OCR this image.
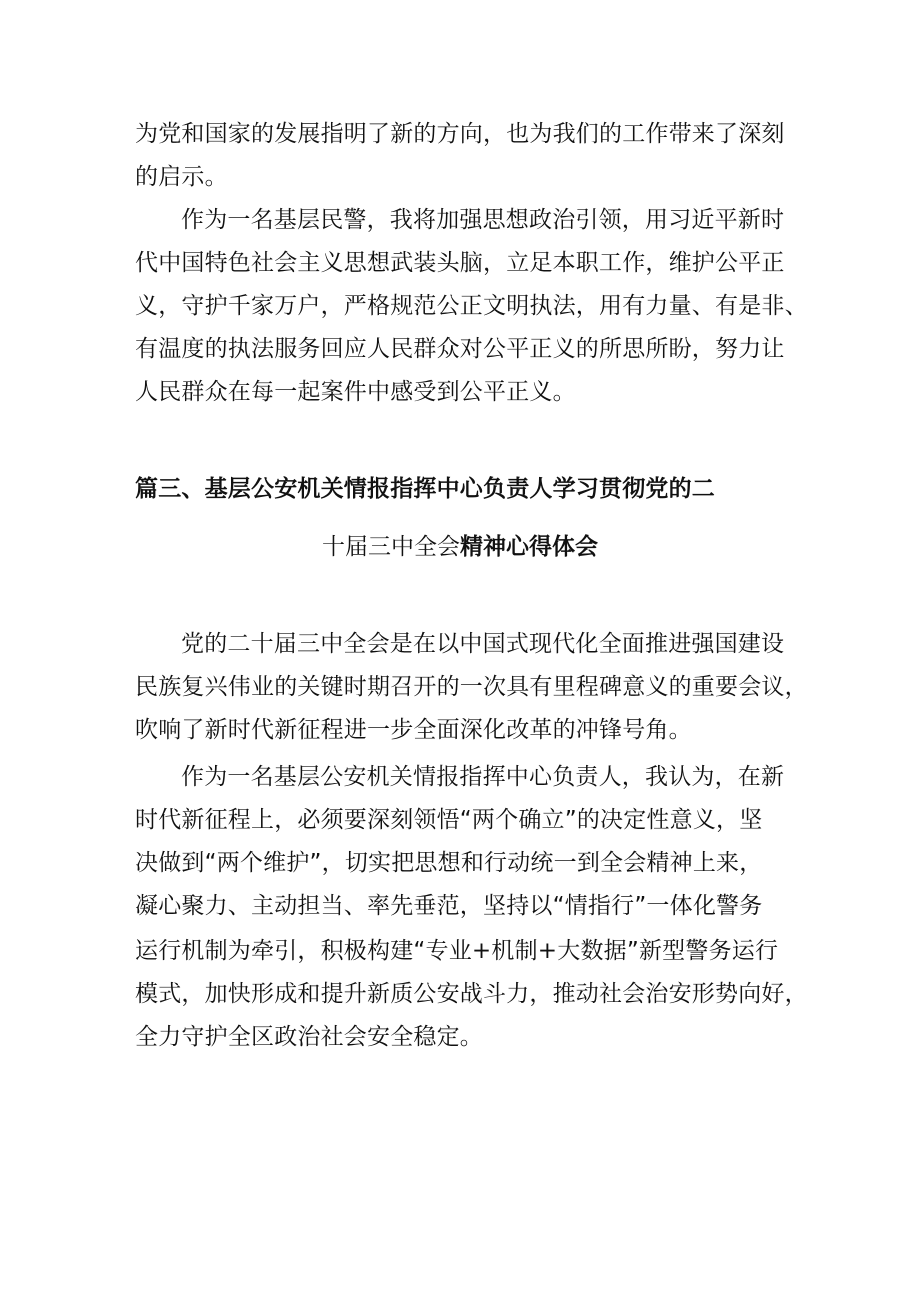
为党和国家的发展指明了新的方向，也为我们的工作带来了深刻
的启示。
作为一名基层民警，我将加强思想政治引领，用习近平新时
代中国特色社会主义思想武装头脑，立足本职工作，维护公平正
义，守护千家万户，严格规范公正文明执法，用有力量、有是非、
有温度的执法服务回应人民群众对公平正义的所思所盼，努力让
人民群众在每一起案件中感受到公平正义。
篇三、基层公安机关情报指挥中心负责人学习贯彻党的二
十届三中全会精神心得体会
党的二十届三中全会是在以中国式现代化全面推进强国建设
民族复兴伟业的关键时期召开的一次具有里程碑意义的重要会议，
吹响了新时代新征程进一步全面深化改革的冲锋号角。
作为一名基层公安机关情报指挥中心负责人，我认为，在新
时代新征程上，必须要深刻领悟“两个确立”的决定性意义，坚
决做到“两个维护”，切实把思想和行动统一到全会精神上来，
凝心聚力、主动担当、率先垂范，坚持以“情指行”一体化警务
运行机制为牵引，积极构建“专业+机制+大数据”新型警务运行
模式，加快形成和提升新质公安战斗力，推动社会治安形势向好，
全力守护全区政治社会安全稳定。
